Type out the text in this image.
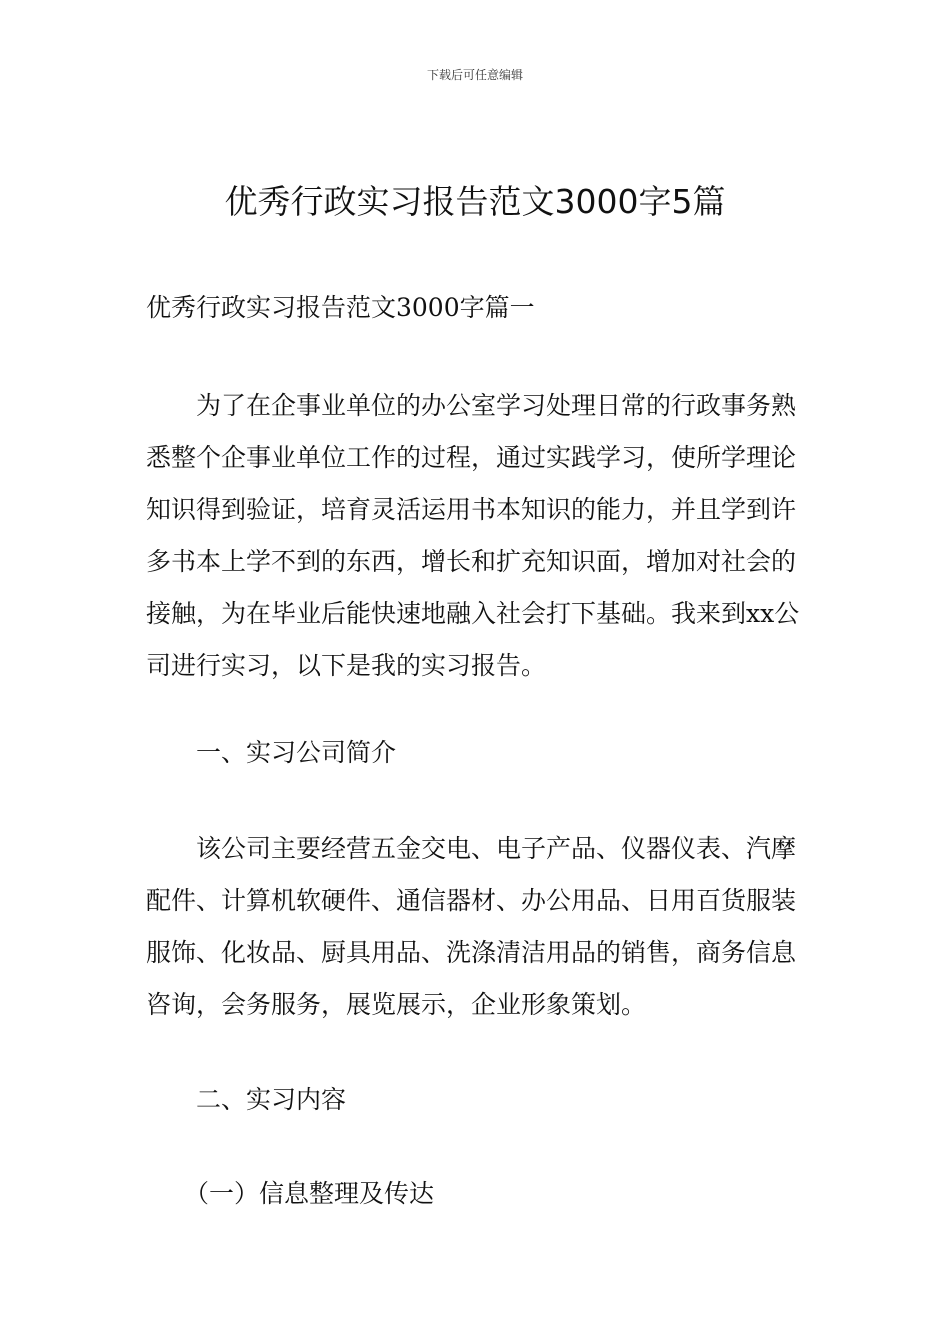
下载后可任意编辑
优秀行政实习报告范文3000字5篇

优秀行政实习报告范文3000字篇一

为了在企事业单位的办公室学习处理日常的行政事务熟悉整个企事业单位工作的过程，通过实践学习，使所学理论知识得到验证，培育灵活运用书本知识的能力，并且学到许多书本上学不到的东西，增长和扩充知识面，增加对社会的接触，为在毕业后能快速地融入社会打下基础。我来到xx公司进行实习，以下是我的实习报告。

一、实习公司简介

该公司主要经营五金交电、电子产品、仪器仪表、汽摩配件、计算机软硬件、通信器材、办公用品、日用百货服装服饰、化妆品、厨具用品、洗涤清洁用品的销售，商务信息咨询，会务服务，展览展示，企业形象策划。

二、实习内容

（一）信息整理及传达
